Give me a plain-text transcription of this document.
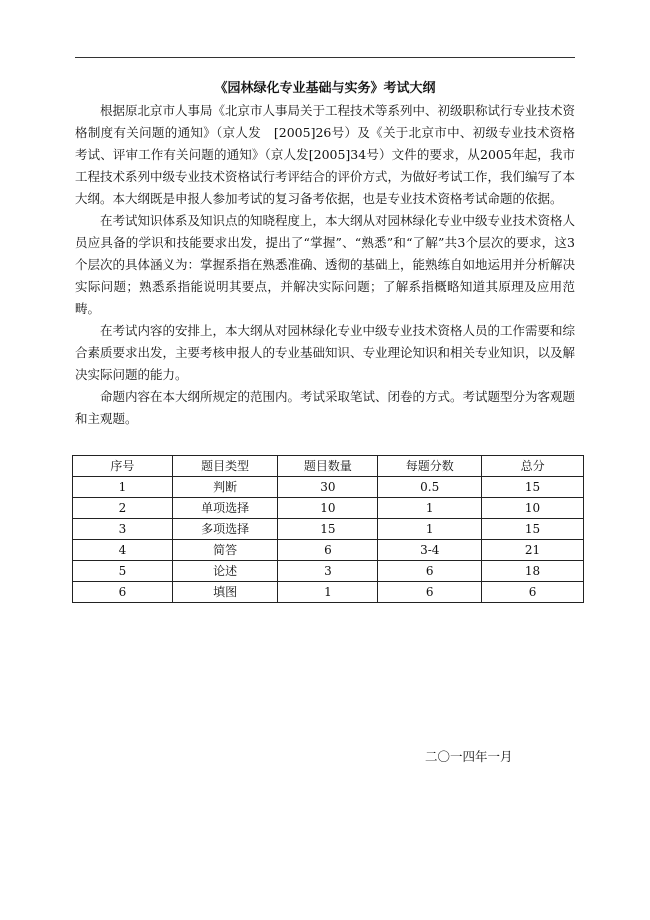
《园林绿化专业基础与实务》考试大纲

根据原北京市人事局《北京市人事局关于工程技术等系列中、初级职称试行专业技术资格制度有关问题的通知》（京人发　[2005]26号）及《关于北京市中、初级专业技术资格考试、评审工作有关问题的通知》（京人发[2005]34号）文件的要求，从2005年起，我市工程技术系列中级专业技术资格试行考评结合的评价方式，为做好考试工作，我们编写了本大纲。本大纲既是申报人参加考试的复习备考依据，也是专业技术资格考试命题的依据。

在考试知识体系及知识点的知晓程度上，本大纲从对园林绿化专业中级专业技术资格人员应具备的学识和技能要求出发，提出了“掌握”、“熟悉”和“了解”共3个层次的要求，这3个层次的具体涵义为：掌握系指在熟悉准确、透彻的基础上，能熟练自如地运用并分析解决实际问题；熟悉系指能说明其要点，并解决实际问题；了解系指概略知道其原理及应用范畴。

在考试内容的安排上，本大纲从对园林绿化专业中级专业技术资格人员的工作需要和综合素质要求出发，主要考核申报人的专业基础知识、专业理论知识和相关专业知识，以及解决实际问题的能力。

命题内容在本大纲所规定的范围内。考试采取笔试、闭卷的方式。考试题型分为客观题和主观题。

序号	题目类型	题目数量	每题分数	总分
1	判断	30	0.5	15
2	单项选择	10	1	10
3	多项选择	15	1	15
4	简答	6	3-4	21
5	论述	3	6	18
6	填图	1	6	6
二〇一四年一月
